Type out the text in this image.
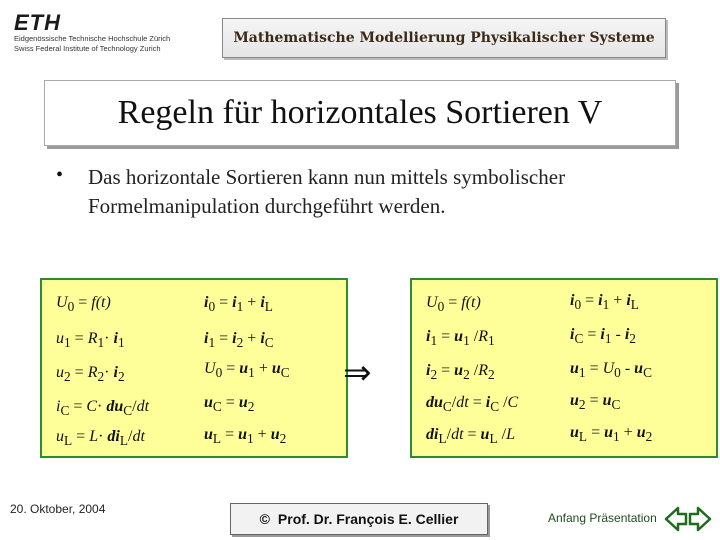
ETH
Eidgenössische Technische Hochschule Zürich
Swiss Federal Institute of Technology Zurich
Mathematische Modellierung Physikalischer Systeme
Regeln für horizontales Sortieren V
• Das horizontale Sortieren kann nun mittels symbolischer Formelmanipulation durchgeführt werden.
$U_0 = f(t)$
$u_1 = R_1\cdot i_1$
$u_2 = R_2\cdot i_2$
$i_C = C\cdot du_C/dt$
$u_L = L\cdot di_L/dt$
$i_0 = i_1 + i_L$
$i_1 = i_2 + i_C$
$U_0 = u_1 + u_C$
$u_C = u_2$
$u_L = u_1 + u_2$
⇒
$U_0 = f(t)$
$i_1 = u_1$ $/R_1$
$i_2 = u_2$ $/R_2$
$du_C/dt = i_C$ /C
$di_L/dt = u_L$ /L
$i_0 = i_1 + i_L$
$i_C = i_1 - i_2$
$u_1 = U_0 - u_C$
$u_2 = u_C$
$u_L = u_1 + u_2$
20. Oktober, 2004
© Prof. Dr. François E. Cellier	Anfang Präsentation
